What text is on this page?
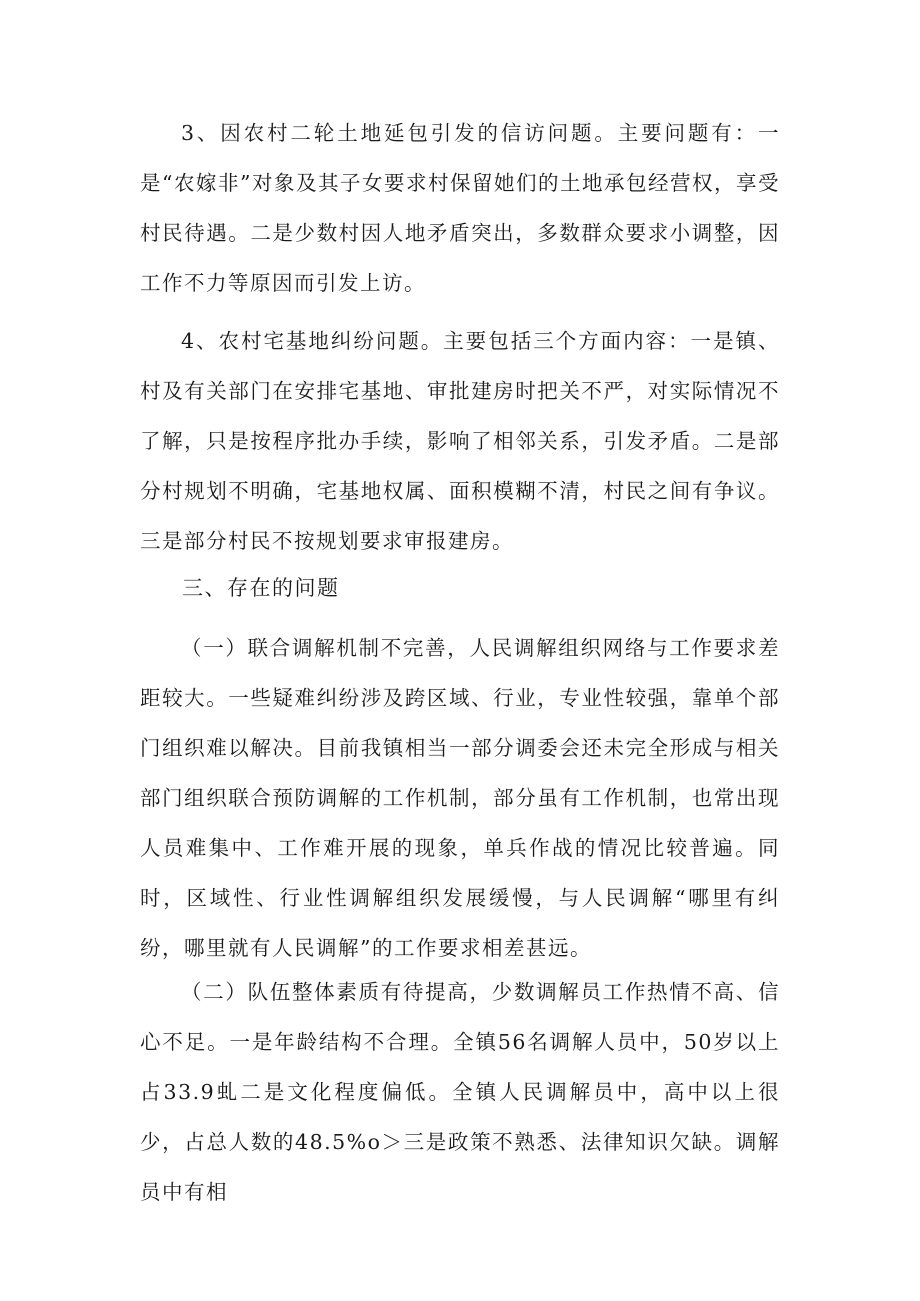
3、因农村二轮土地延包引发的信访问题。主要问题有：一是“农嫁非”对象及其子女要求村保留她们的土地承包经营权，享受村民待遇。二是少数村因人地矛盾突出，多数群众要求小调整，因工作不力等原因而引发上访。

4、农村宅基地纠纷问题。主要包括三个方面内容：一是镇、村及有关部门在安排宅基地、审批建房时把关不严，对实际情况不了解，只是按程序批办手续，影响了相邻关系，引发矛盾。二是部分村规划不明确，宅基地权属、面积模糊不清，村民之间有争议。三是部分村民不按规划要求审报建房。

三、存在的问题

（一）联合调解机制不完善，人民调解组织网络与工作要求差距较大。一些疑难纠纷涉及跨区域、行业，专业性较强，靠单个部门组织难以解决。目前我镇相当一部分调委会还未完全形成与相关部门组织联合预防调解的工作机制，部分虽有工作机制，也常出现人员难集中、工作难开展的现象，单兵作战的情况比较普遍。同时，区域性、行业性调解组织发展缓慢，与人民调解“哪里有纠纷，哪里就有人民调解”的工作要求相差甚远。

（二）队伍整体素质有待提高，少数调解员工作热情不高、信心不足。一是年龄结构不合理。全镇56名调解人员中，50岁以上占33.9虬二是文化程度偏低。全镇人民调解员中，高中以上很少，占总人数的48.5%o＞三是政策不熟悉、法律知识欠缺。调解员中有相
